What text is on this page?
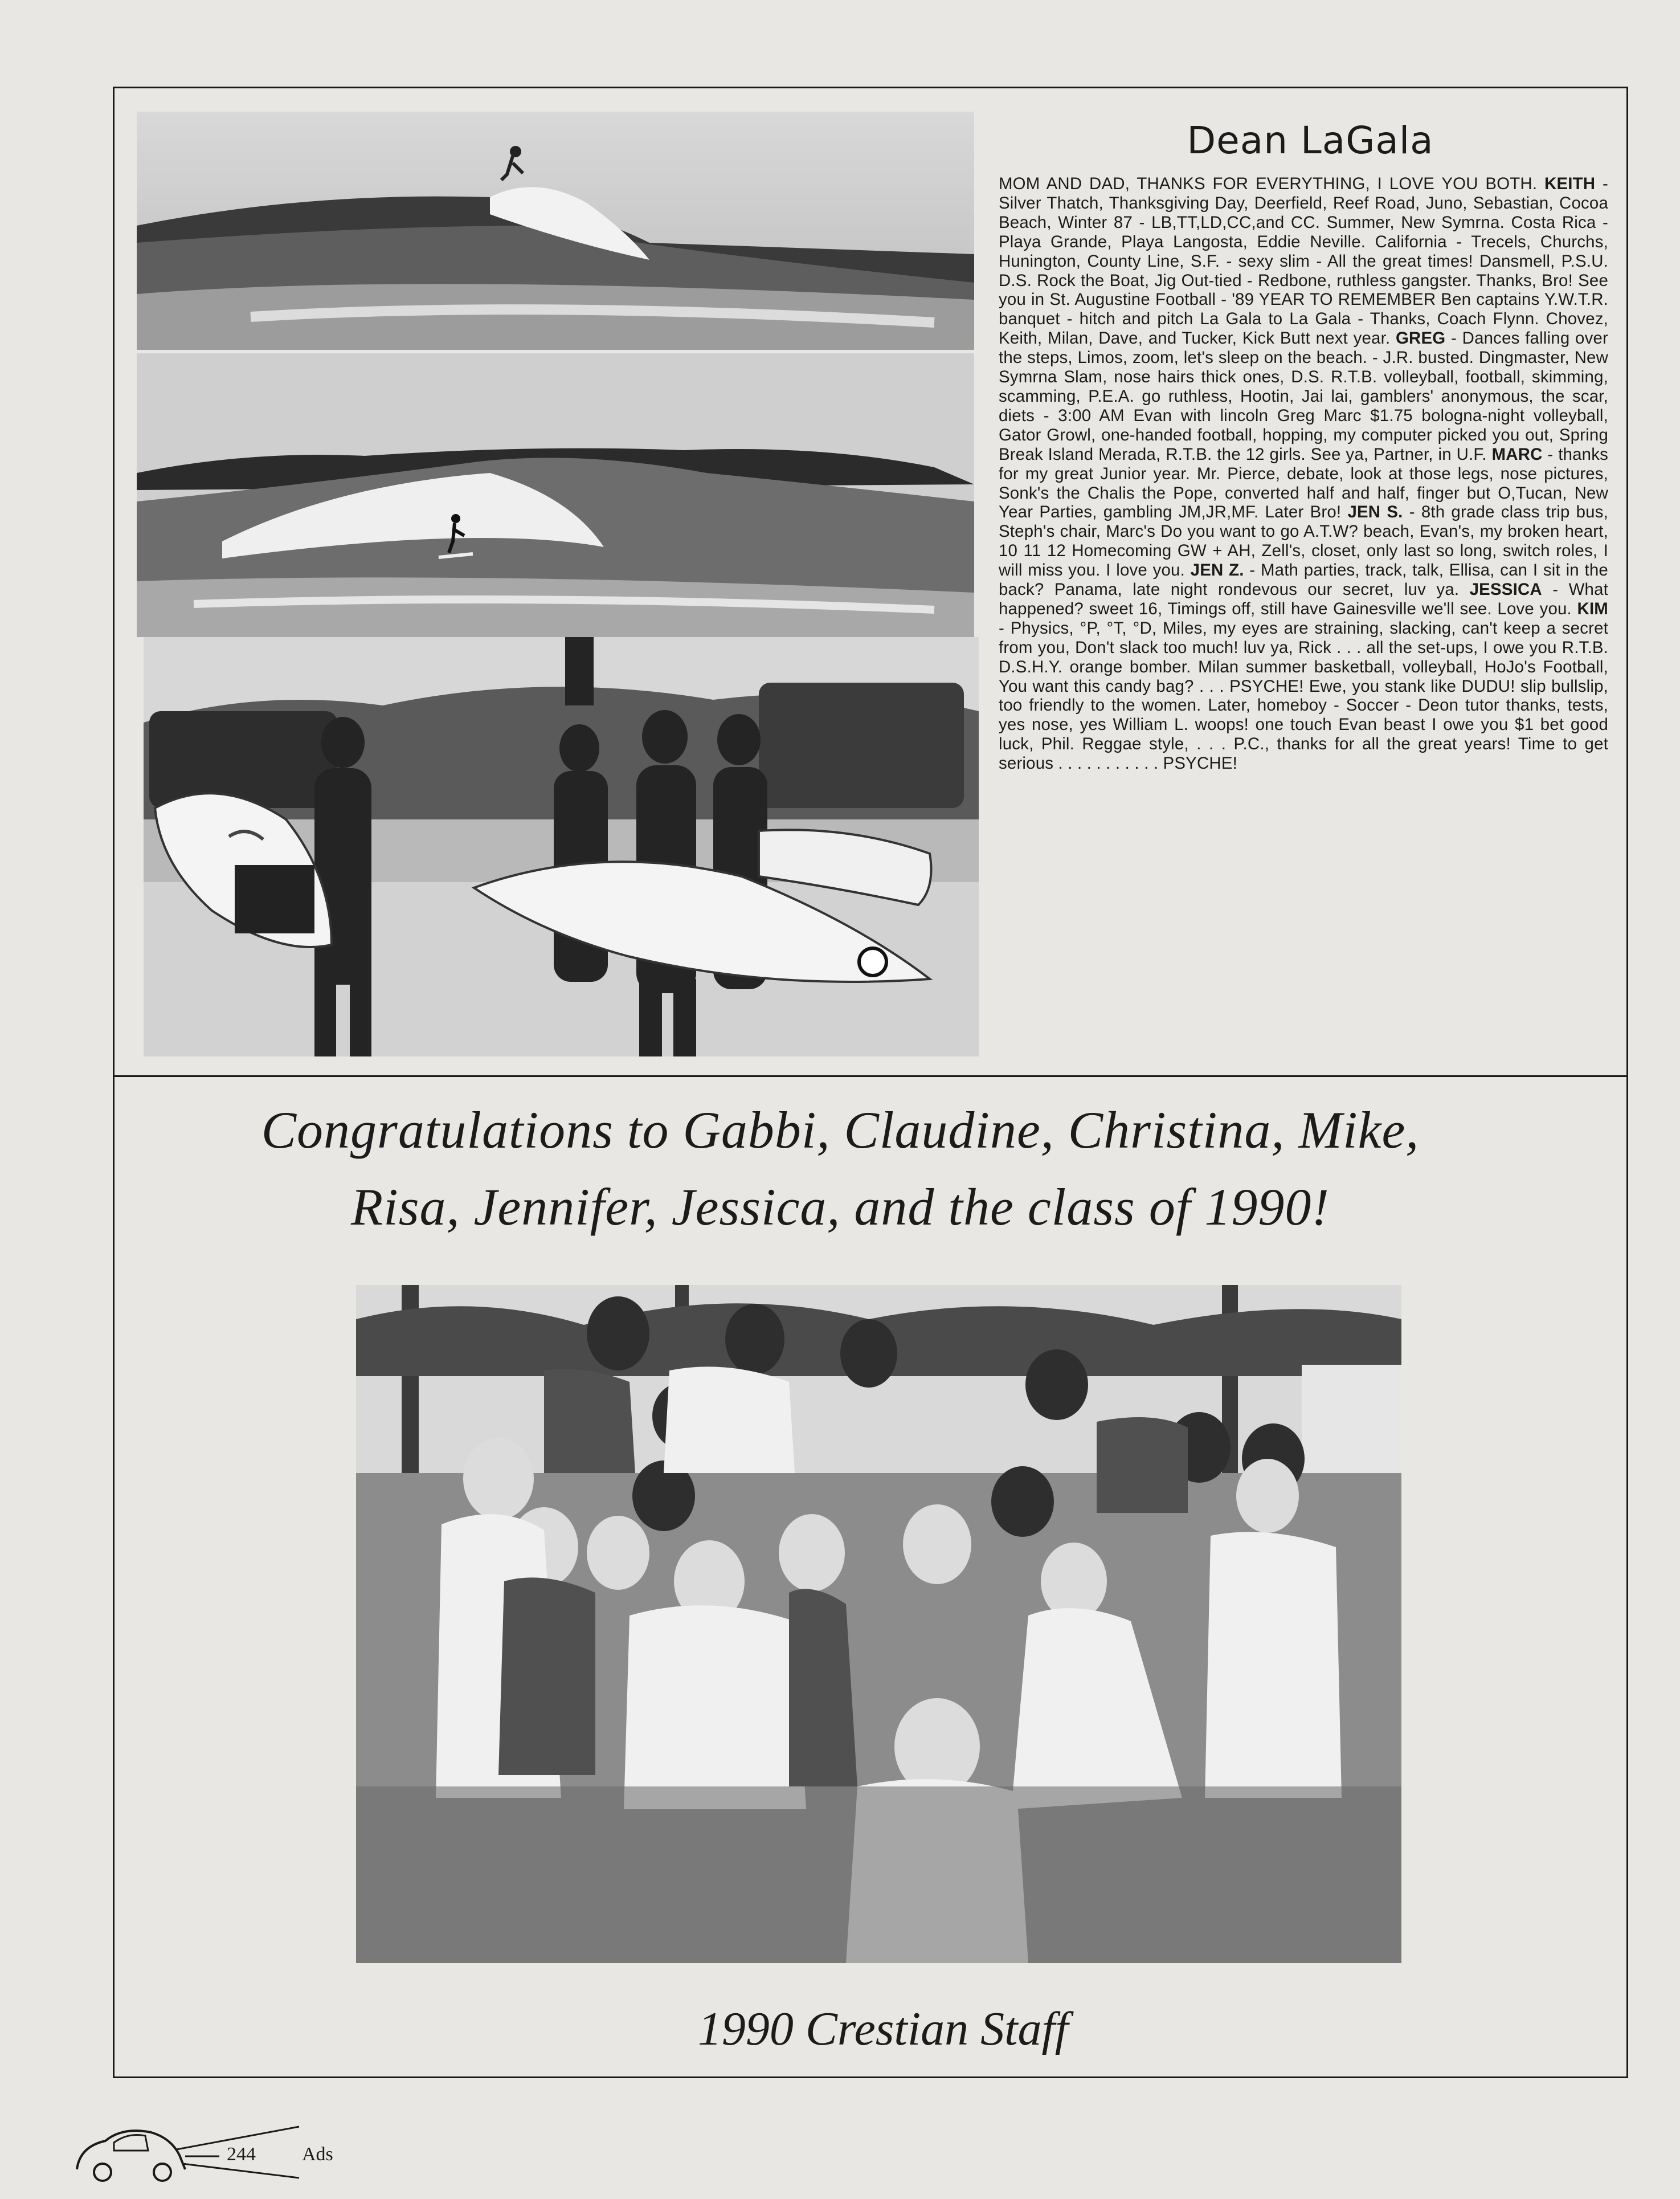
Dean LaGala

MOM AND DAD, THANKS FOR EVERYTHING, I LOVE YOU BOTH. KEITH - Silver Thatch, Thanksgiving Day, Deerfield, Reef Road, Juno, Sebastian, Cocoa Beach, Winter 87 - LB,TT,LD,CC,and CC. Summer, New Symrna. Costa Rica - Playa Grande, Playa Langosta, Eddie Neville. California - Trecels, Churchs, Hunington, County Line, S.F. - sexy slim - All the great times! Dansmell, P.S.U. D.S. Rock the Boat, Jig Out-tied - Redbone, ruthless gangster. Thanks, Bro! See you in St. Augustine Football - '89 YEAR TO REMEMBER Ben captains Y.W.T.R. banquet - hitch and pitch La Gala to La Gala - Thanks, Coach Flynn. Chovez, Keith, Milan, Dave, and Tucker, Kick Butt next year. GREG - Dances falling over the steps, Limos, zoom, let's sleep on the beach. - J.R. busted. Dingmaster, New Symrna Slam, nose hairs thick ones, D.S. R.T.B. volleyball, football, skimming, scamming, P.E.A. go ruthless, Hootin, Jai lai, gamblers' anonymous, the scar, diets - 3:00 AM Evan with lincoln Greg Marc $1.75 bologna-night volleyball, Gator Growl, one-handed football, hopping, my computer picked you out, Spring Break Island Merada, R.T.B. the 12 girls. See ya, Partner, in U.F. MARC - thanks for my great Junior year. Mr. Pierce, debate, look at those legs, nose pictures, Sonk's the Chalis the Pope, converted half and half, finger but O,Tucan, New Year Parties, gambling JM,JR,MF. Later Bro! JEN S. - 8th grade class trip bus, Steph's chair, Marc's Do you want to go A.T.W? beach, Evan's, my broken heart, 10 11 12 Homecoming GW + AH, Zell's, closet, only last so long, switch roles, I will miss you. I love you. JEN Z. - Math parties, track, talk, Ellisa, can I sit in the back? Panama, late night rondevous our secret, luv ya. JESSICA - What happened? sweet 16, Timings off, still have Gainesville we'll see. Love you. KIM - Physics, °P, °T, °D, Miles, my eyes are straining, slacking, can't keep a secret from you, Don't slack too much! luv ya, Rick . . . all the set-ups, I owe you R.T.B. D.S.H.Y. orange bomber. Milan summer basketball, volleyball, HoJo's Football, You want this candy bag? . . . PSYCHE! Ewe, you stank like DUDU! slip bullslip, too friendly to the women. Later, homeboy - Soccer - Deon tutor thanks, tests, yes nose, yes William L. woops! one touch Evan beast I owe you $1 bet good luck, Phil. Reggae style, . . . P.C., thanks for all the great years! Time to get serious . . . . . . . . . . . PSYCHE!

Congratulations to Gabbi, Claudine, Christina, Mike,
Risa, Jennifer, Jessica, and the class of 1990!
1990 Crestian Staff
244 Ads
